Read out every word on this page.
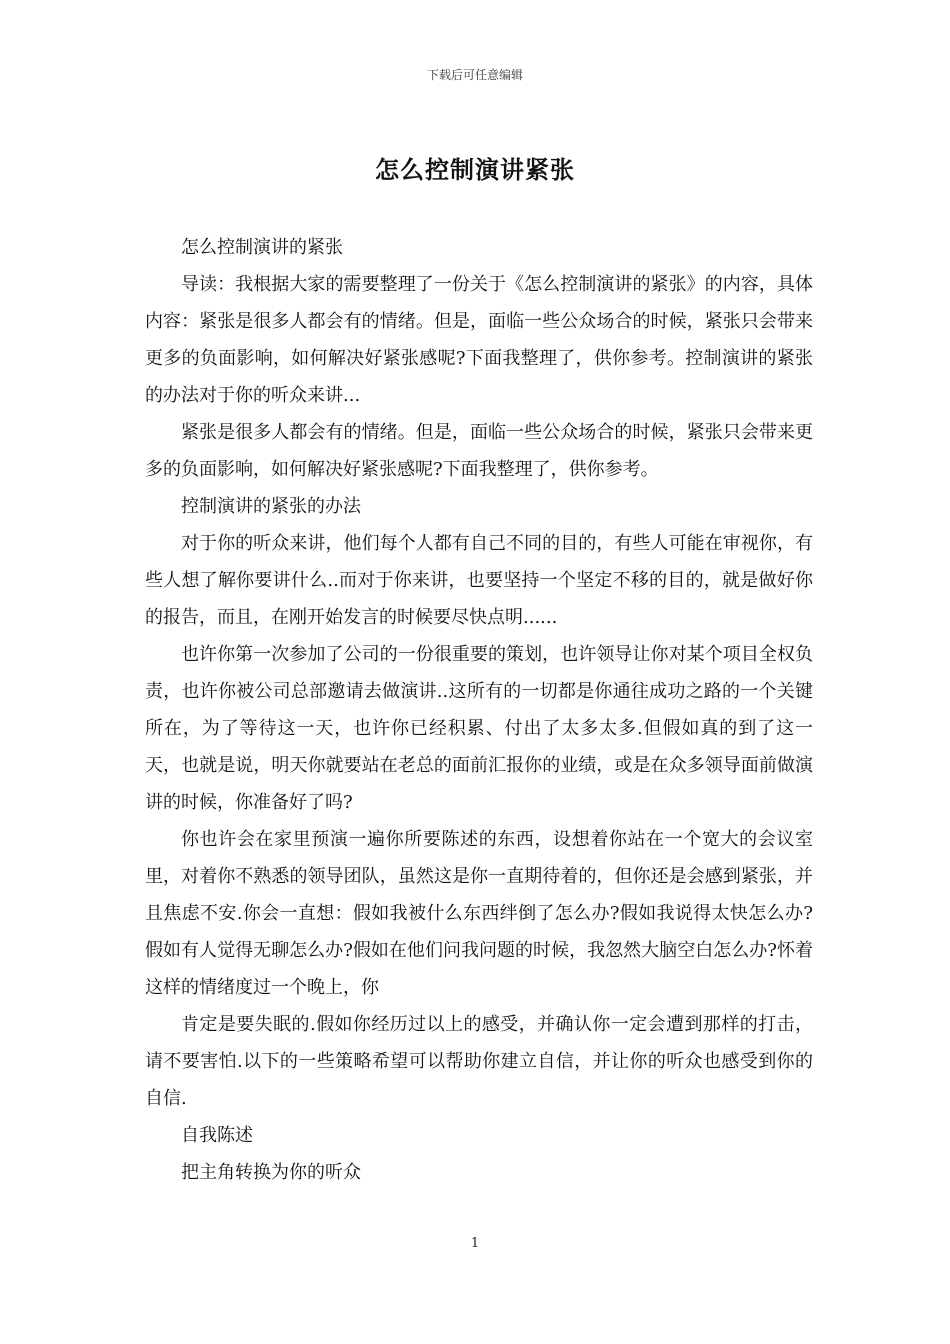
下载后可任意编辑
怎么控制演讲紧张

怎么控制演讲的紧张

导读：我根据大家的需要整理了一份关于《怎么控制演讲的紧张》的内容，具体内容：紧张是很多人都会有的情绪。但是，面临一些公众场合的时候，紧张只会带来更多的负面影响，如何解决好紧张感呢?下面我整理了，供你参考。控制演讲的紧张的办法对于你的听众来讲...

紧张是很多人都会有的情绪。但是，面临一些公众场合的时候，紧张只会带来更多的负面影响，如何解决好紧张感呢?下面我整理了，供你参考。

控制演讲的紧张的办法

对于你的听众来讲，他们每个人都有自己不同的目的，有些人可能在审视你，有些人想了解你要讲什么..而对于你来讲，也要坚持一个坚定不移的目的，就是做好你的报告，而且，在刚开始发言的时候要尽快点明......

也许你第一次参加了公司的一份很重要的策划，也许领导让你对某个项目全权负责，也许你被公司总部邀请去做演讲..这所有的一切都是你通往成功之路的一个关键所在，为了等待这一天，也许你已经积累、付出了太多太多.但假如真的到了这一天，也就是说，明天你就要站在老总的面前汇报你的业绩，或是在众多领导面前做演讲的时候，你准备好了吗?

你也许会在家里预演一遍你所要陈述的东西，设想着你站在一个宽大的会议室里，对着你不熟悉的领导团队，虽然这是你一直期待着的，但你还是会感到紧张，并且焦虑不安.你会一直想：假如我被什么东西绊倒了怎么办?假如我说得太快怎么办?假如有人觉得无聊怎么办?假如在他们问我问题的时候，我忽然大脑空白怎么办?怀着这样的情绪度过一个晚上，你

肯定是要失眠的.假如你经历过以上的感受，并确认你一定会遭到那样的打击，请不要害怕.以下的一些策略希望可以帮助你建立自信，并让你的听众也感受到你的自信.

自我陈述

把主角转换为你的听众

1
